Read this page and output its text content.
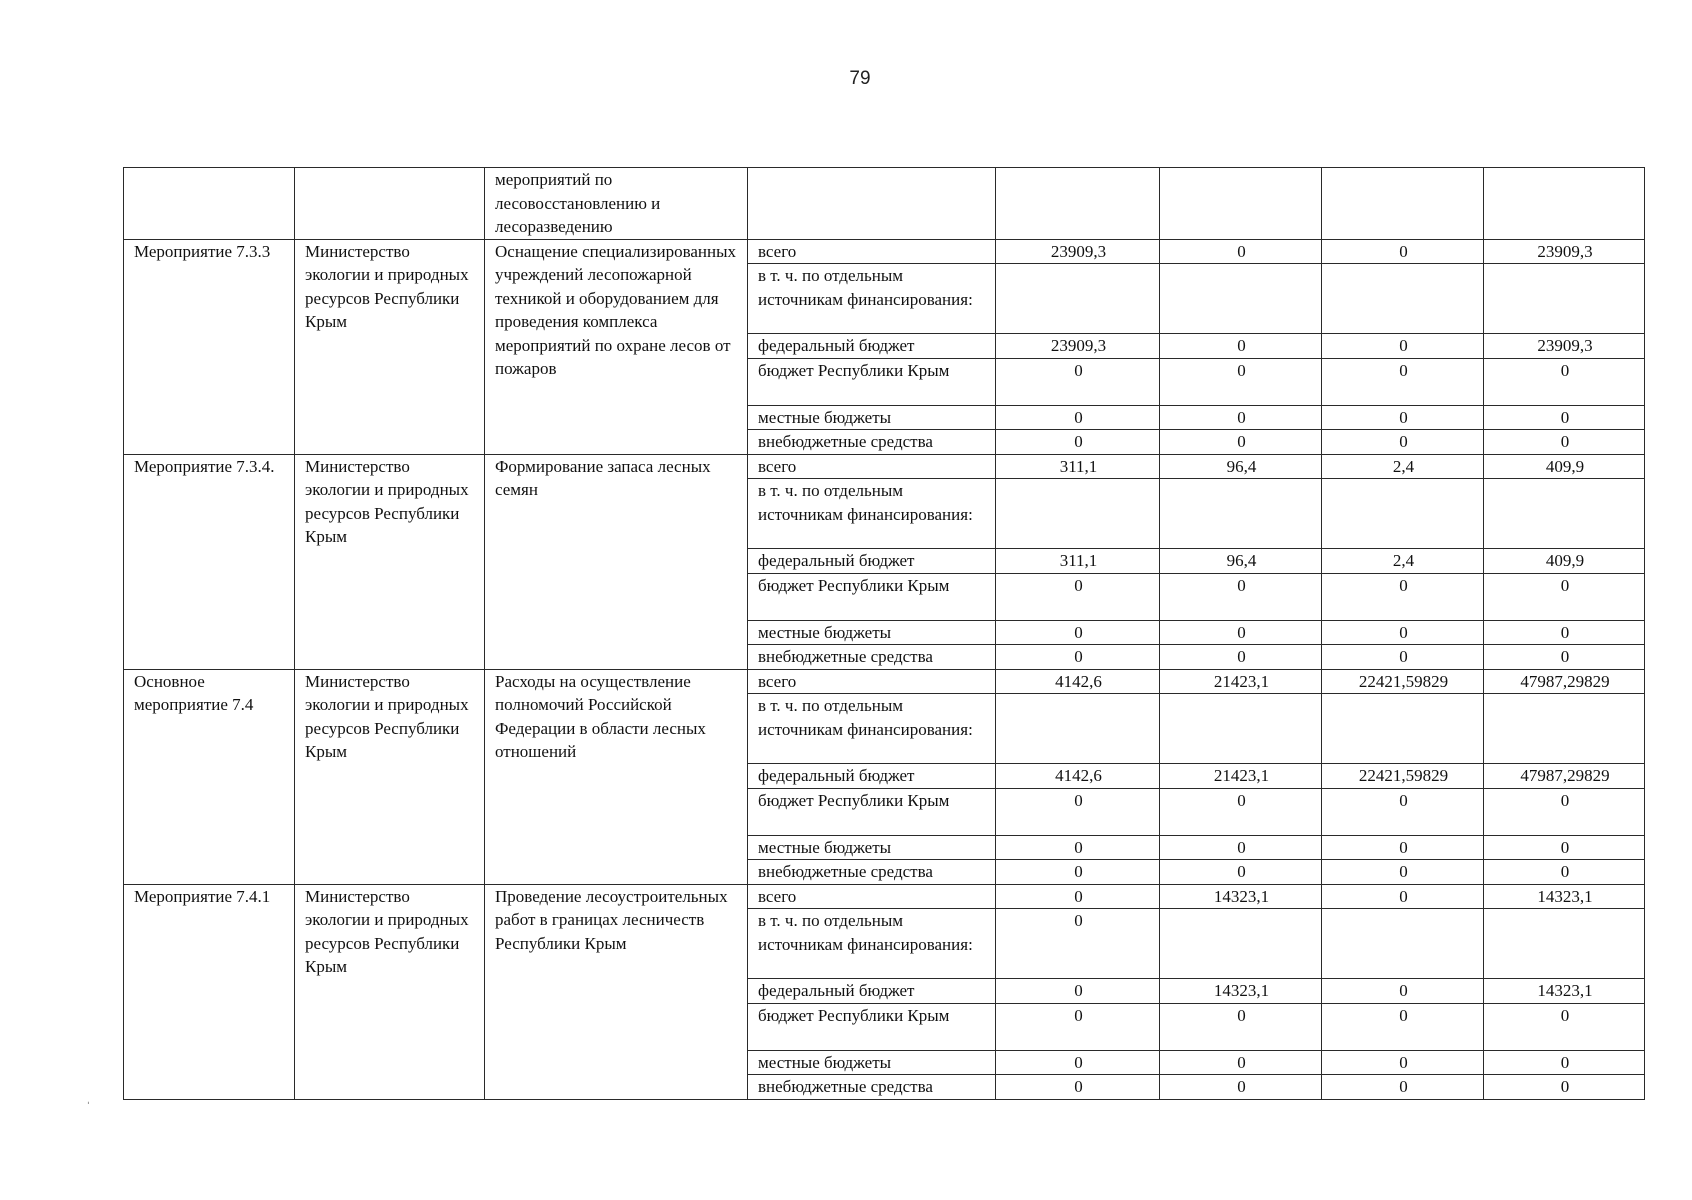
79
		мероприятий по лесовосстановлению и лесоразведению					
Мероприятие 7.3.3	Министерство экологии и природных ресурсов Республики Крым	Оснащение специализированных учреждений лесопожарной техникой и оборудованием для проведения комплекса мероприятий по охране лесов от пожаров	всего	23909,3	0	0	23909,3
			в т. ч. по отдельным источникам финансирования:				
			федеральный бюджет	23909,3	0	0	23909,3
			бюджет Республики Крым	0	0	0	0
			местные бюджеты	0	0	0	0
			внебюджетные средства	0	0	0	0
Мероприятие 7.3.4.	Министерство экологии и природных ресурсов Республики Крым	Формирование запаса лесных семян	всего	311,1	96,4	2,4	409,9
			в т. ч. по отдельным источникам финансирования:				
			федеральный бюджет	311,1	96,4	2,4	409,9
			бюджет Республики Крым	0	0	0	0
			местные бюджеты	0	0	0	0
			внебюджетные средства	0	0	0	0
Основное мероприятие 7.4	Министерство экологии и природных ресурсов Республики Крым	Расходы на осуществление полномочий Российской Федерации в области лесных отношений	всего	4142,6	21423,1	22421,59829	47987,29829
			в т. ч. по отдельным источникам финансирования:				
			федеральный бюджет	4142,6	21423,1	22421,59829	47987,29829
			бюджет Республики Крым	0	0	0	0
			местные бюджеты	0	0	0	0
			внебюджетные средства	0	0	0	0
Мероприятие 7.4.1	Министерство экологии и природных ресурсов Республики Крым	Проведение лесоустроительных работ в границах лесничеств Республики Крым	всего	0	14323,1	0	14323,1
			в т. ч. по отдельным источникам финансирования:	0			
			федеральный бюджет	0	14323,1	0	14323,1
			бюджет Республики Крым	0	0	0	0
			местные бюджеты	0	0	0	0
			внебюджетные средства	0	0	0	0
ˌ
